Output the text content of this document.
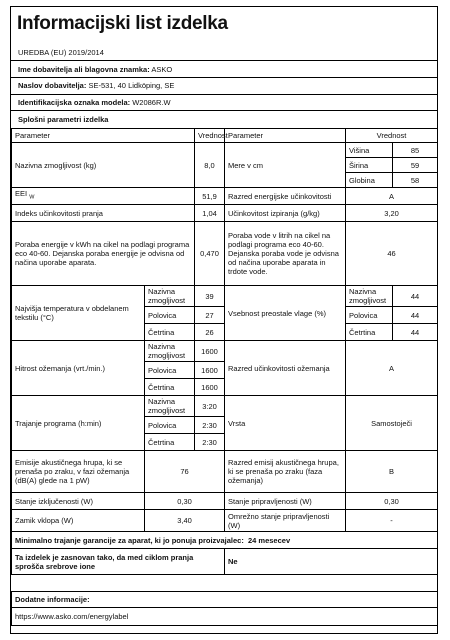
Informacijski list izdelka
UREDBA (EU) 2019/2014
Ime dobavitelja ali blagovna znamka: ASKO
Naslov dobavitelja: SE-531, 40 Lidköping, SE
Identifikacijska oznaka modela: W2086R.W
Splošni parametri izdelka
Parameter		Vrednost	Parameter	Vrednost	
Nazivna zmogljivost (kg)		8,0	Mere v cm	Višina	85
				Širina	59
				Globina	58
EEI $_W$		51,9	Razred energijske učinkovitosti	A	
Indeks učinkovitosti pranja		1,04	Učinkovitost izpiranja (g/kg)	3,20	
Poraba energije v kWh na cikel na podlagi programa eco 40-60. Dejanska poraba energije je odvisna od načina uporabe aparata.		0,470	Poraba vode v litrih na cikel na podlagi programa eco 40-60. Dejanska poraba vode je odvisna od načina uporabe aparata in trdote vode.	46	
Najvišja temperatura v obdelanem tekstilu (°C)	Nazivna zmogljivost	39	Vsebnost preostale vlage (%)	Nazivna zmogljivost	44
	Polovica	27		Polovica	44
	Četrtina	26		Četrtina	44
Hitrost ožemanja (vrt./min.)	Nazivna zmogljivost	1600	Razred učinkovitosti ožemanja	A	
	Polovica	1600			
	Četrtina	1600			
Trajanje programa (h:min)	Nazivna zmogljivost	3:20	Vrsta	Samostoječi	
	Polovica	2:30			
	Četrtina	2:30			
Emisije akustičnega hrupa, ki se prenaša po zraku, v fazi ožemanja (dB(A) glede na 1 pW)	76		Razred emisij akustičnega hrupa, ki se prenaša po zraku (faza ožemanja)	B	
Stanje izključenosti (W)	0,30		Stanje pripravljenosti (W)	0,30	
Zamik vklopa (W)	3,40		Omrežno stanje pripravljenosti (W)	-	
Minimalno trajanje garancije za aparat, ki jo ponuja proizvajalec: 24 mesecev					
Ta izdelek je zasnovan tako, da med ciklom pranja sprošča srebrove ione			Ne		

Dodatne informacije:					
https://www.asko.com/energylabel					
